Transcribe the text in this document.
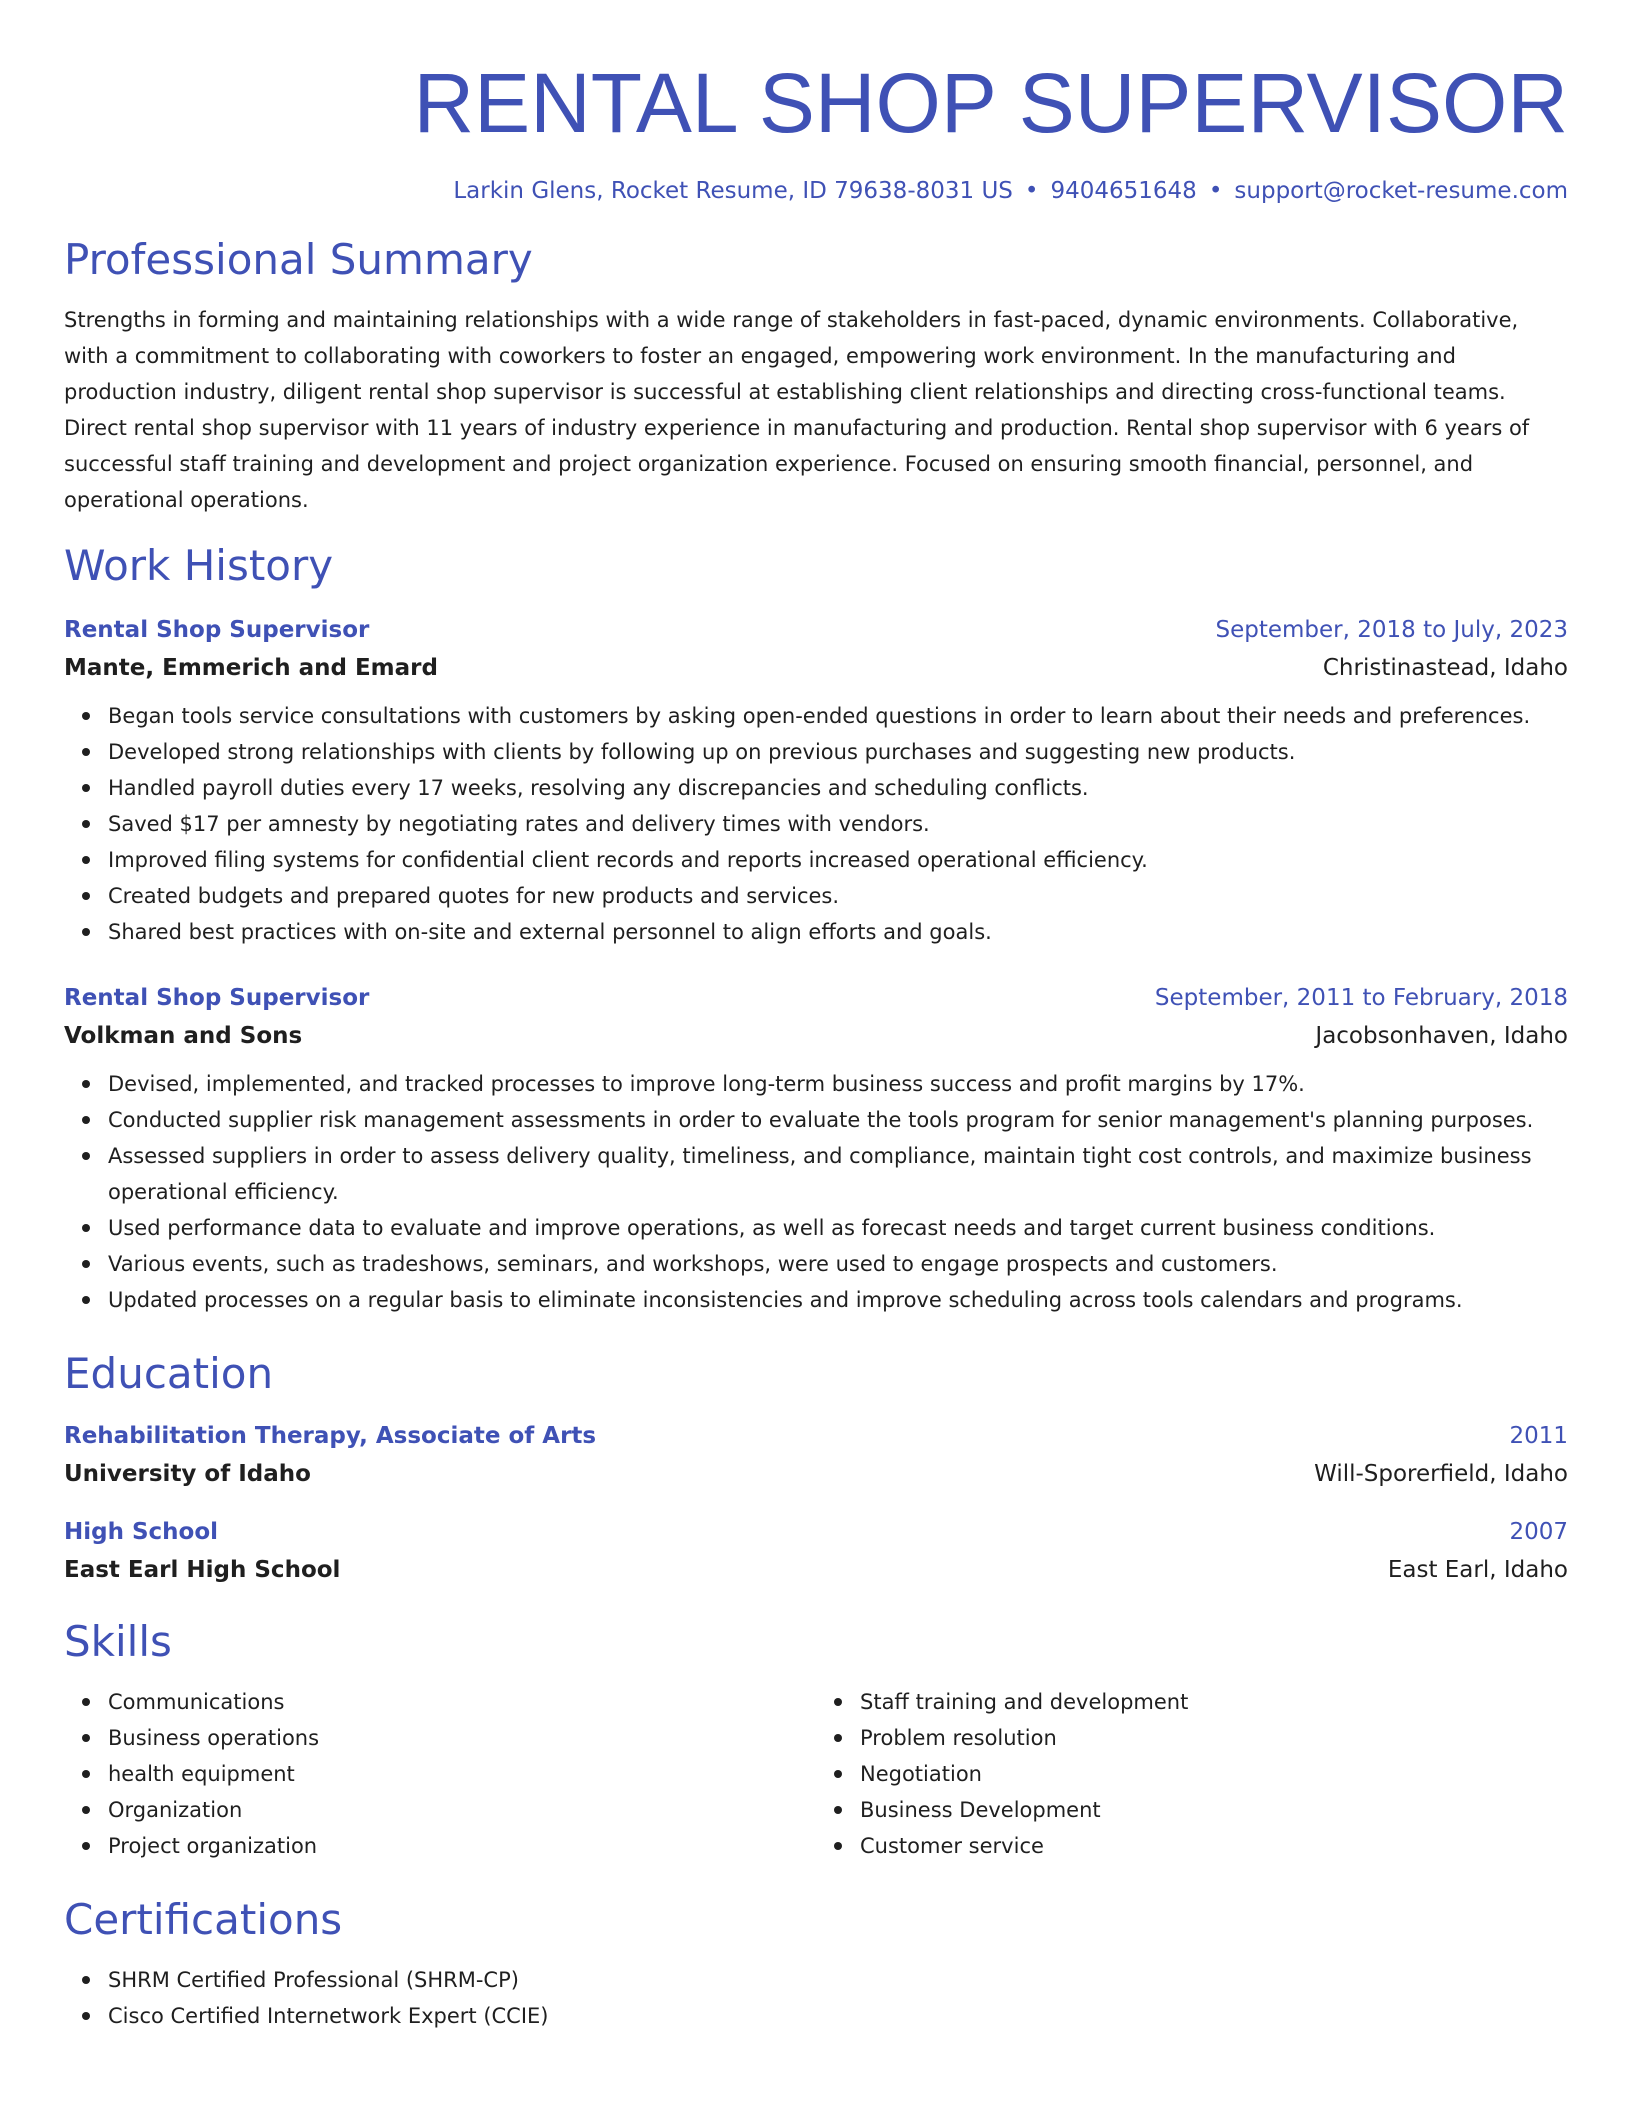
RENTAL SHOP SUPERVISOR
Larkin Glens, Rocket Resume, ID 79638-8031 US • 9404651648 • support@rocket-resume.com
Professional Summary
Strengths in forming and maintaining relationships with a wide range of stakeholders in fast-paced, dynamic environments. Collaborative, with a commitment to collaborating with coworkers to foster an engaged, empowering work environment. In the manufacturing and production industry, diligent rental shop supervisor is successful at establishing client relationships and directing cross-functional teams. Direct rental shop supervisor with 11 years of industry experience in manufacturing and production. Rental shop supervisor with 6 years of successful staff training and development and project organization experience. Focused on ensuring smooth financial, personnel, and operational operations.
Work History
Rental Shop Supervisor	September, 2018 to July, 2023
Mante, Emmerich and Emard	Christinastead, Idaho
Began tools service consultations with customers by asking open-ended questions in order to learn about their needs and preferences.
Developed strong relationships with clients by following up on previous purchases and suggesting new products.
Handled payroll duties every 17 weeks, resolving any discrepancies and scheduling conflicts.
Saved $17 per amnesty by negotiating rates and delivery times with vendors.
Improved filing systems for confidential client records and reports increased operational efficiency.
Created budgets and prepared quotes for new products and services.
Shared best practices with on-site and external personnel to align efforts and goals.
Rental Shop Supervisor	September, 2011 to February, 2018
Volkman and Sons	Jacobsonhaven, Idaho
Devised, implemented, and tracked processes to improve long-term business success and profit margins by 17%.
Conducted supplier risk management assessments in order to evaluate the tools program for senior management's planning purposes.
Assessed suppliers in order to assess delivery quality, timeliness, and compliance, maintain tight cost controls, and maximize business operational efficiency.
Used performance data to evaluate and improve operations, as well as forecast needs and target current business conditions.
Various events, such as tradeshows, seminars, and workshops, were used to engage prospects and customers.
Updated processes on a regular basis to eliminate inconsistencies and improve scheduling across tools calendars and programs.
Education
Rehabilitation Therapy, Associate of Arts	2011
University of Idaho	Will-Sporerfield, Idaho
High School	2007
East Earl High School	East Earl, Idaho
Skills
Communications
Business operations
health equipment
Organization
Project organization
Staff training and development
Problem resolution
Negotiation
Business Development
Customer service
Certifications
SHRM Certified Professional (SHRM-CP)
Cisco Certified Internetwork Expert (CCIE)
